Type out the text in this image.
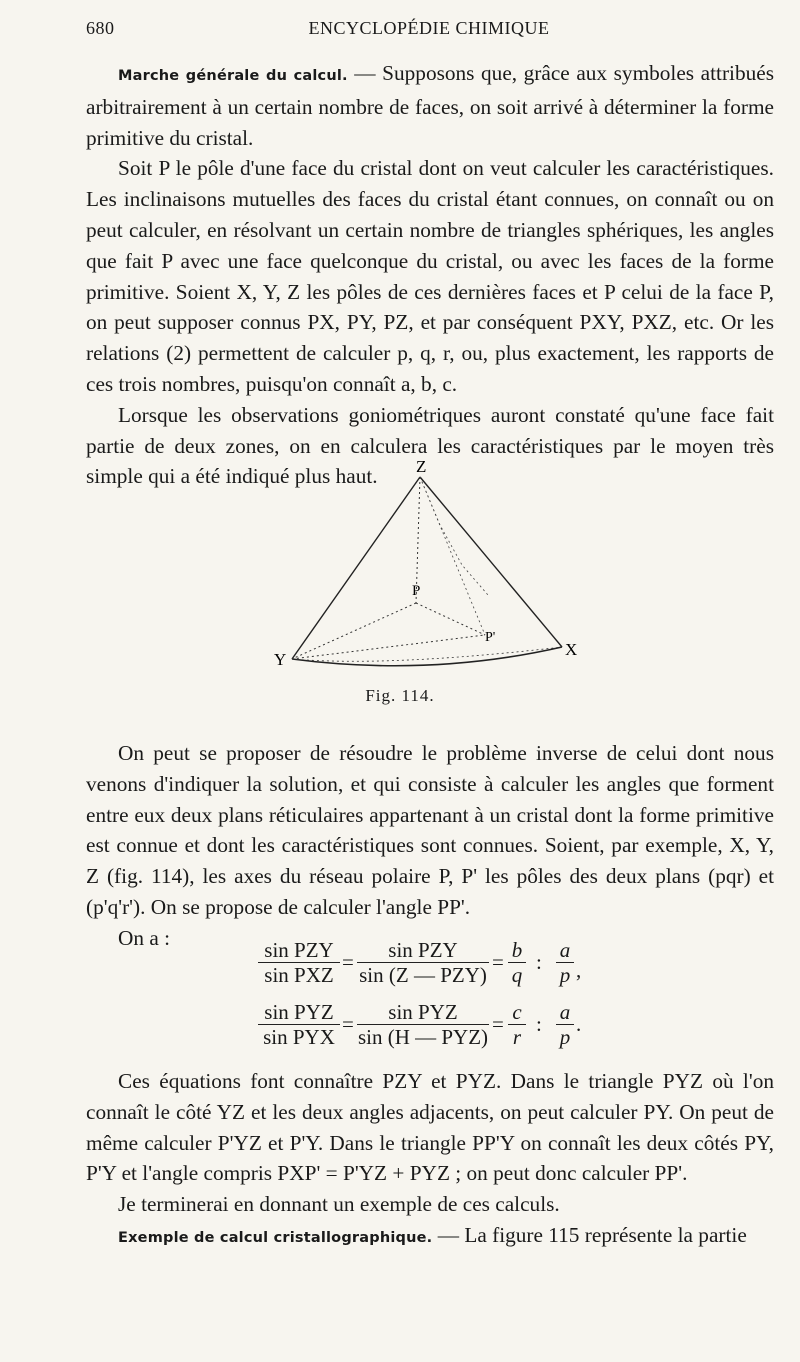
680	ENCYCLOPÉDIE CHIMIQUE

Marche générale du calcul. — Supposons que, grâce aux symboles attribués arbitrairement à un certain nombre de faces, on soit arrivé à déterminer la forme primitive du cristal.

Soit P le pôle d'une face du cristal dont on veut calculer les caractéristiques. Les inclinaisons mutuelles des faces du cristal étant connues, on connaît ou on peut calculer, en résolvant un certain nombre de triangles sphériques, les angles que fait P avec une face quelconque du cristal, ou avec les faces de la forme primitive. Soient X, Y, Z les pôles de ces dernières faces et P celui de la face P, on peut supposer connus PX, PY, PZ, et par conséquent PXY, PXZ, etc. Or les relations (2) permettent de calculer p, q, r, ou, plus exactement, les rapports de ces trois nombres, puisqu'on connaît a, b, c.

Lorsque les observations goniométriques auront constaté qu'une face fait partie de deux zones, on en calculera les caractéristiques par le moyen très simple qui a été indiqué plus haut.	Z
P
P'
Y
X
Fig. 114.

On peut se proposer de résoudre le problème inverse de celui dont nous venons d'indiquer la solution, et qui consiste à calculer les angles que forment entre eux deux plans réticulaires appartenant à un cristal dont la forme primitive est connue et dont les caractéristiques sont connues. Soient, par exemple, X, Y, Z (fig. 114), les axes du réseau polaire P, P' les pôles des deux plans (pqr) et (p'q'r'). On se propose de calculer l'angle PP'.

On a :

sin PZY
sin PXZ
=	sin PZY
sin (Z — PZY)
= $\frac{b}{q}$ : $\frac{a}{p}$ ,
sin PYZ
sin PYX
=	sin PYZ
sin (H — PYZ)
= $\frac{c}{r}$ : $\frac{a}{p}$ .

Ces équations font connaître PZY et PYZ. Dans le triangle PYZ où l'on connaît le côté YZ et les deux angles adjacents, on peut calculer PY. On peut de même calculer P'YZ et P'Y. Dans le triangle PP'Y on connaît les deux côtés PY, P'Y et l'angle compris PXP' = P'YZ + PYZ ; on peut donc calculer PP'.

Je terminerai en donnant un exemple de ces calculs.

Exemple de calcul cristallographique. — La figure 115 représente la partie
